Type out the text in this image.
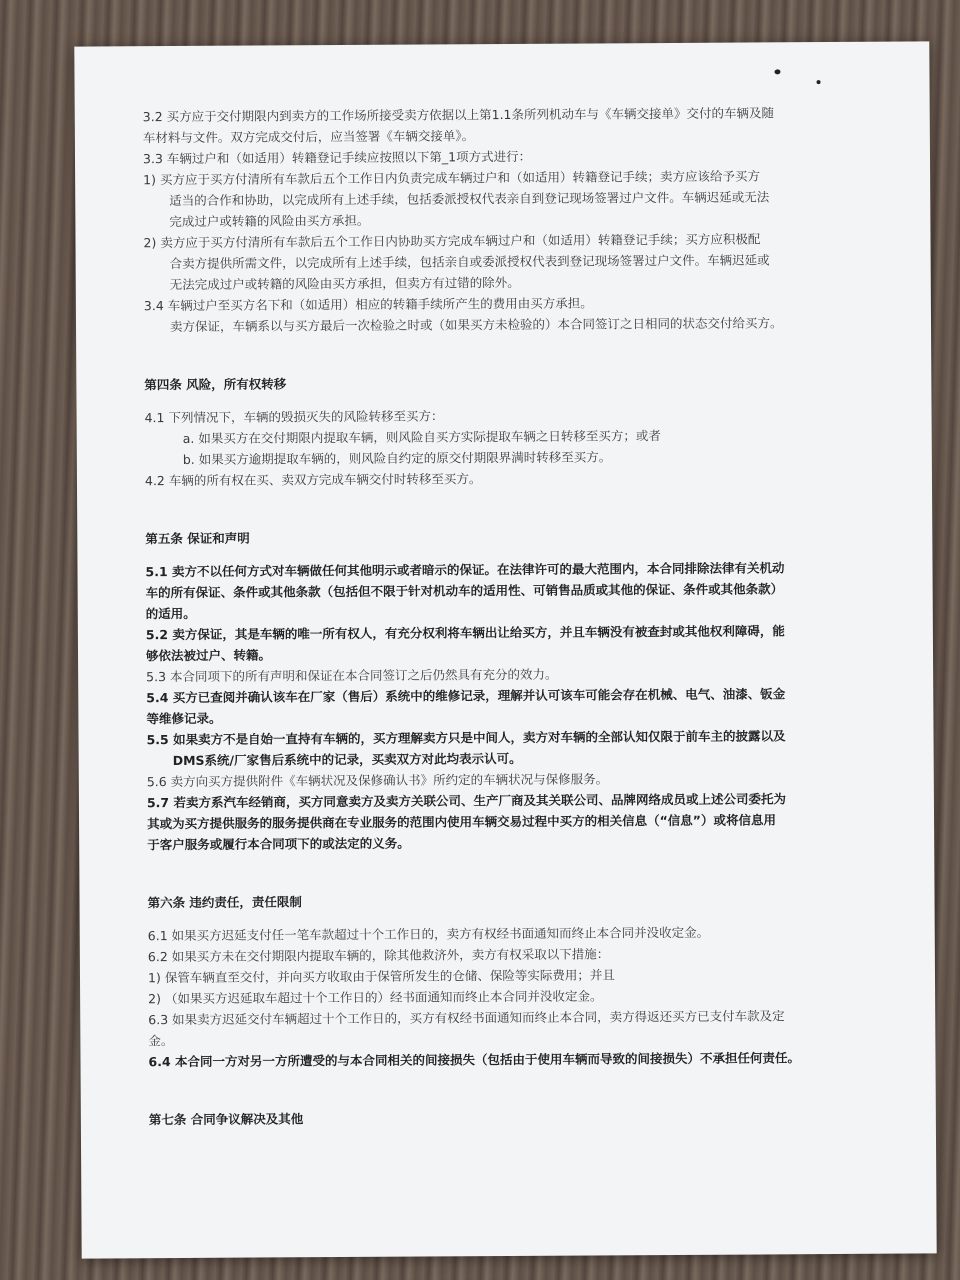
3.2 买方应于交付期限内到卖方的工作场所接受卖方依据以上第1.1条所列机动车与《车辆交接单》交付的车辆及随

车材料与文件。双方完成交付后，应当签署《车辆交接单》。

3.3 车辆过户和（如适用）转籍登记手续应按照以下第_1项方式进行：

1) 买方应于买方付清所有车款后五个工作日内负责完成车辆过户和（如适用）转籍登记手续；卖方应该给予买方

适当的合作和协助，以完成所有上述手续，包括委派授权代表亲自到登记现场签署过户文件。车辆迟延或无法

完成过户或转籍的风险由买方承担。

2) 卖方应于买方付清所有车款后五个工作日内协助买方完成车辆过户和（如适用）转籍登记手续；买方应积极配

合卖方提供所需文件，以完成所有上述手续，包括亲自或委派授权代表到登记现场签署过户文件。车辆迟延或

无法完成过户或转籍的风险由买方承担，但卖方有过错的除外。

3.4 车辆过户至买方名下和（如适用）相应的转籍手续所产生的费用由买方承担。

卖方保证，车辆系以与买方最后一次检验之时或（如果买方未检验的）本合同签订之日相同的状态交付给买方。

第四条 风险，所有权转移

4.1 下列情况下，车辆的毁损灭失的风险转移至买方：

a. 如果买方在交付期限内提取车辆，则风险自买方实际提取车辆之日转移至买方；或者

b. 如果买方逾期提取车辆的，则风险自约定的原交付期限界满时转移至买方。

4.2 车辆的所有权在买、卖双方完成车辆交付时转移至买方。

第五条 保证和声明

5.1 卖方不以任何方式对车辆做任何其他明示或者暗示的保证。在法律许可的最大范围内，本合同排除法律有关机动

车的所有保证、条件或其他条款（包括但不限于针对机动车的适用性、可销售品质或其他的保证、条件或其他条款）

的适用。

5.2 卖方保证，其是车辆的唯一所有权人，有充分权利将车辆出让给买方，并且车辆没有被查封或其他权利障碍，能

够依法被过户、转籍。

5.3 本合同项下的所有声明和保证在本合同签订之后仍然具有充分的效力。

5.4 买方已查阅并确认该车在厂家（售后）系统中的维修记录，理解并认可该车可能会存在机械、电气、油漆、钣金

等维修记录。

5.5 如果卖方不是自始一直持有车辆的，买方理解卖方只是中间人，卖方对车辆的全部认知仅限于前车主的披露以及

DMS系统/厂家售后系统中的记录，买卖双方对此均表示认可。

5.6 卖方向买方提供附件《车辆状况及保修确认书》所约定的车辆状况与保修服务。

5.7 若卖方系汽车经销商，买方同意卖方及卖方关联公司、生产厂商及其关联公司、品牌网络成员或上述公司委托为

其或为买方提供服务的服务提供商在专业服务的范围内使用车辆交易过程中买方的相关信息（“信息”）或将信息用

于客户服务或履行本合同项下的或法定的义务。

第六条 违约责任，责任限制

6.1 如果买方迟延支付任一笔车款超过十个工作日的，卖方有权经书面通知而终止本合同并没收定金。

6.2 如果买方未在交付期限内提取车辆的，除其他救济外，卖方有权采取以下措施：

1) 保管车辆直至交付，并向买方收取由于保管所发生的仓储、保险等实际费用；并且

2) （如果买方迟延取车超过十个工作日的）经书面通知而终止本合同并没收定金。

6.3 如果卖方迟延交付车辆超过十个工作日的，买方有权经书面通知而终止本合同，卖方得返还买方已支付车款及定

金。

6.4 本合同一方对另一方所遭受的与本合同相关的间接损失（包括由于使用车辆而导致的间接损失）不承担任何责任。

第七条 合同争议解决及其他
